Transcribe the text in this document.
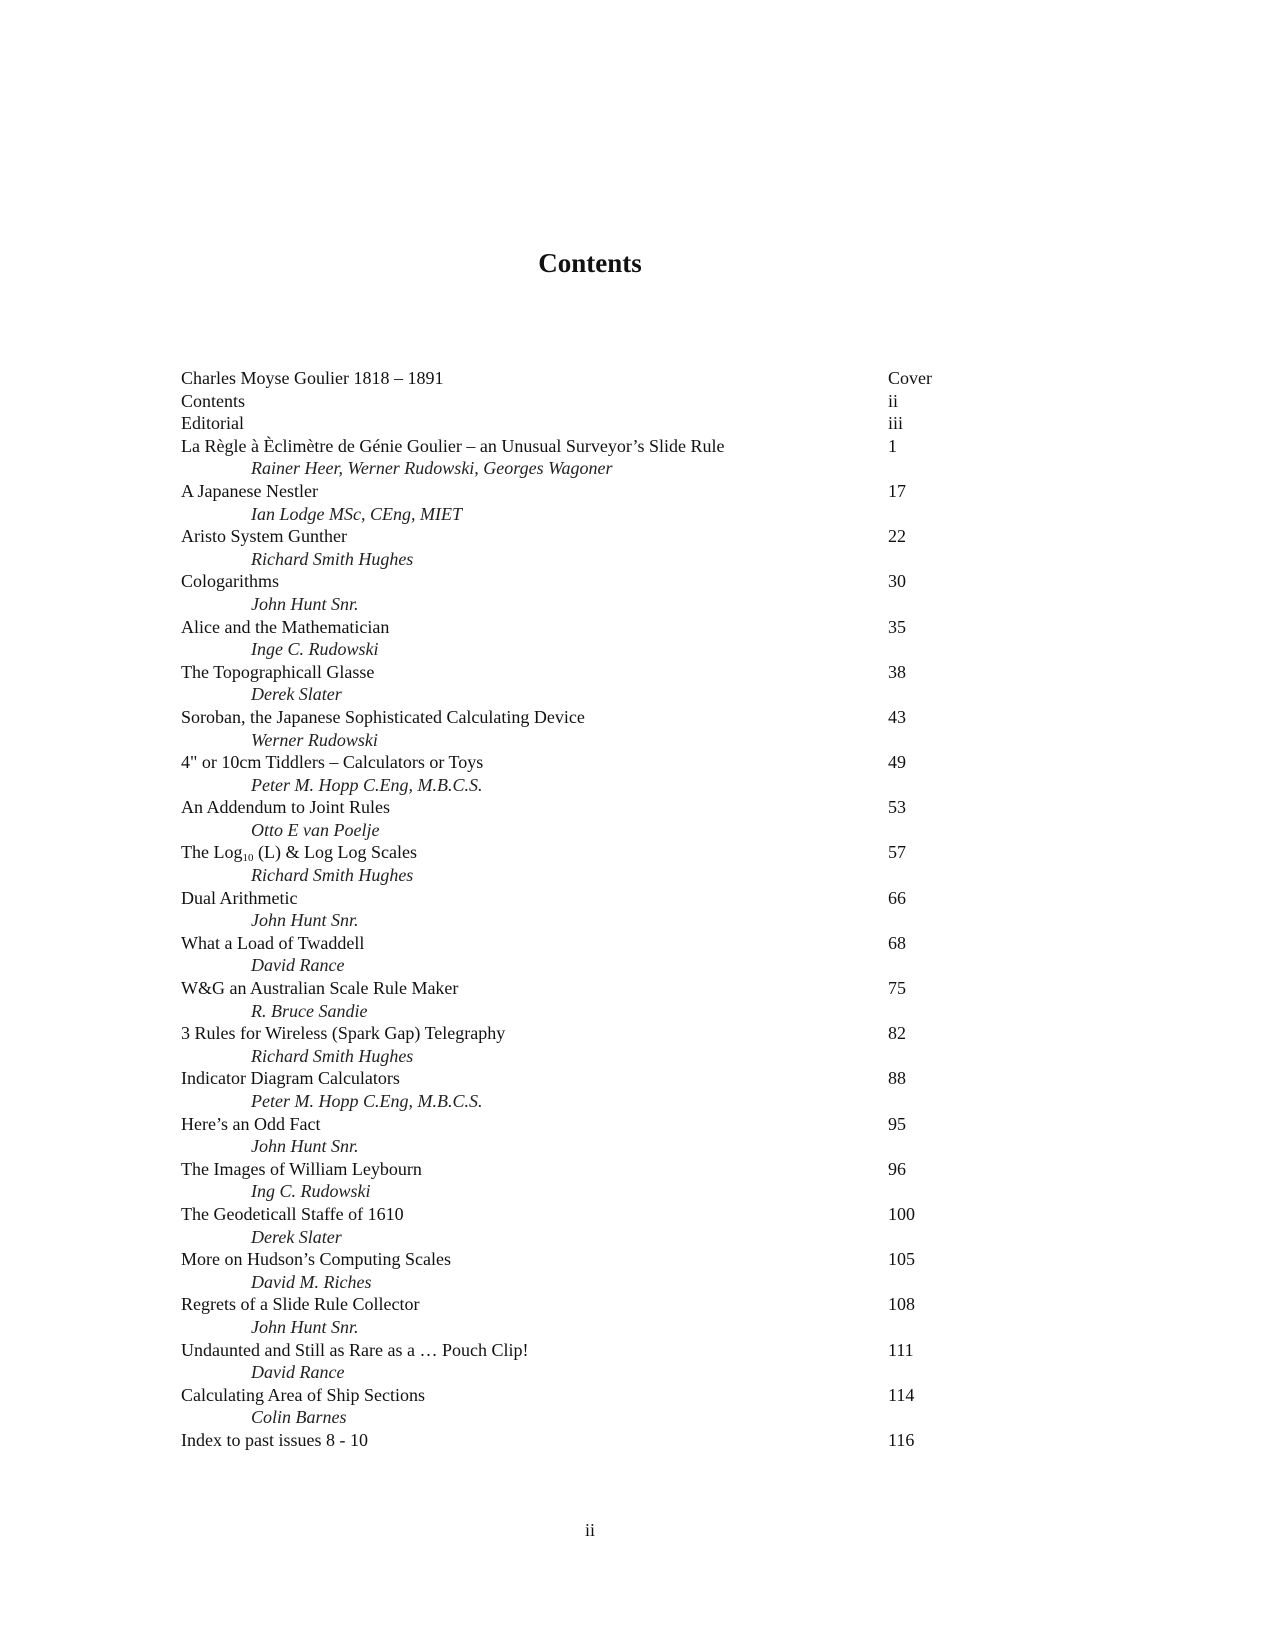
Contents
Charles Moyse Goulier 1818 – 1891	Cover
Contents	ii
Editorial	iii
La Règle à Èclimètre de Génie Goulier – an Unusual Surveyor’s Slide Rule	1
Rainer Heer, Werner Rudowski, Georges Wagoner
A Japanese Nestler	17
Ian Lodge MSc, CEng, MIET
Aristo System Gunther	22
Richard Smith Hughes
Cologarithms	30
John Hunt Snr.
Alice and the Mathematician	35
Inge C. Rudowski
The Topographicall Glasse	38
Derek Slater
Soroban, the Japanese Sophisticated Calculating Device	43
Werner Rudowski
4" or 10cm Tiddlers – Calculators or Toys	49
Peter M. Hopp C.Eng, M.B.C.S.
An Addendum to Joint Rules	53
Otto E van Poelje
The Log$_{10}$ (L) & Log Log Scales	57
Richard Smith Hughes
Dual Arithmetic	66
John Hunt Snr.
What a Load of Twaddell	68
David Rance
W&G an Australian Scale Rule Maker	75
R. Bruce Sandie
3 Rules for Wireless (Spark Gap) Telegraphy	82
Richard Smith Hughes
Indicator Diagram Calculators	88
Peter M. Hopp C.Eng, M.B.C.S.
Here’s an Odd Fact	95
John Hunt Snr.
The Images of William Leybourn	96
Ing C. Rudowski
The Geodeticall Staffe of 1610	100
Derek Slater
More on Hudson’s Computing Scales	105
David M. Riches
Regrets of a Slide Rule Collector	108
John Hunt Snr.
Undaunted and Still as Rare as a … Pouch Clip!	111
David Rance
Calculating Area of Ship Sections	114
Colin Barnes
Index to past issues 8 - 10	116
ii
